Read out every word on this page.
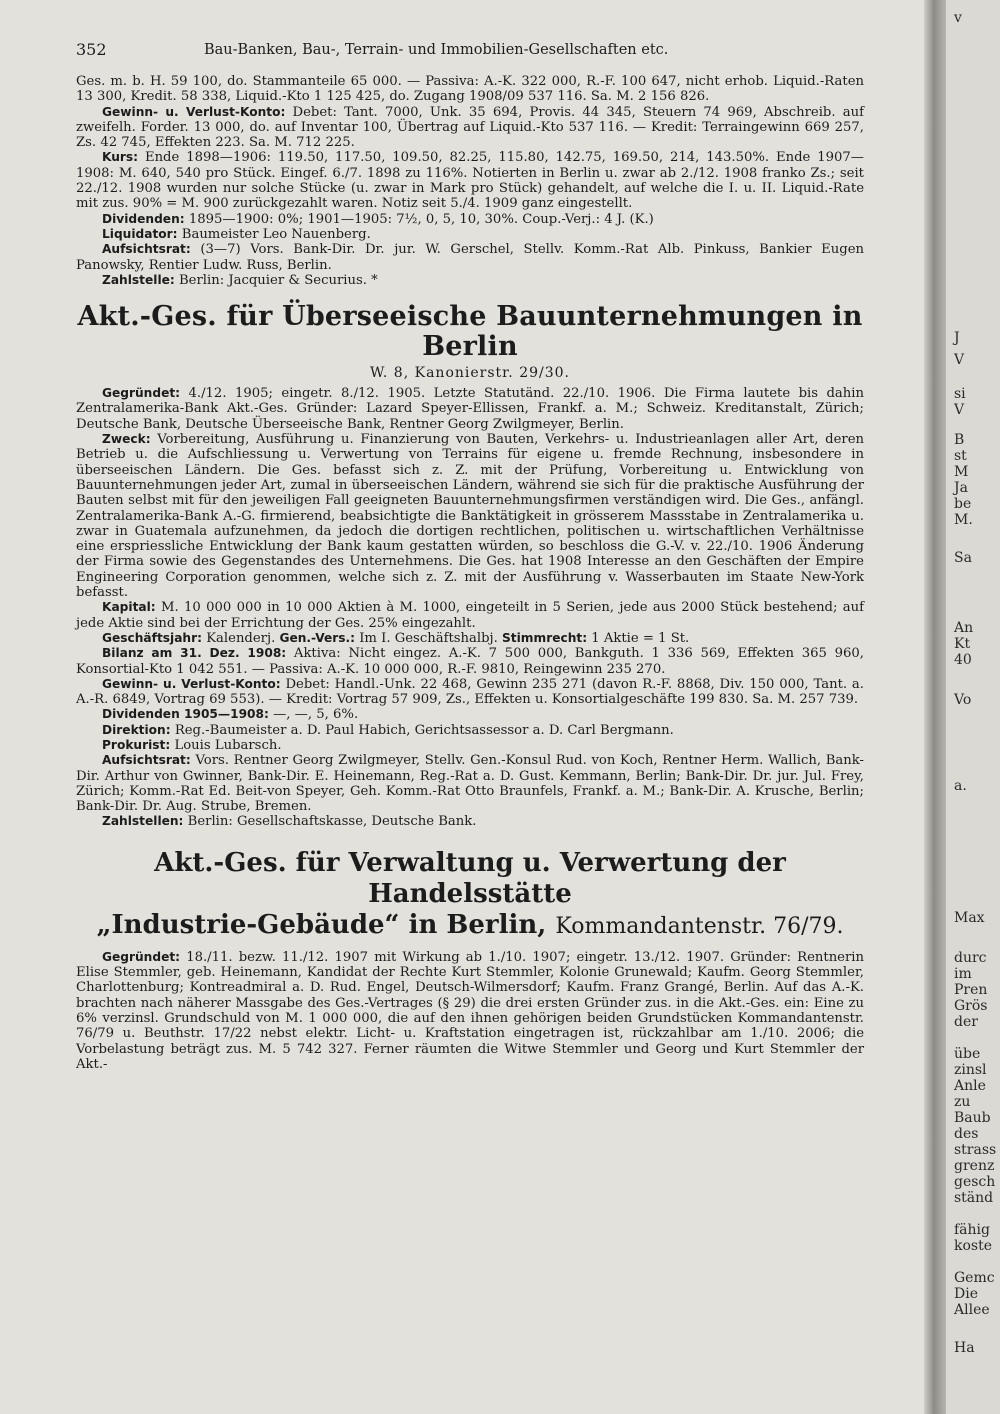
352	Bau-Banken, Bau-, Terrain- und Immobilien-Gesellschaften etc.

Ges. m. b. H. 59 100, do. Stammanteile 65 000. — Passiva: A.-K. 322 000, R.-F. 100 647, nicht erhob. Liquid.-Raten 13 300, Kredit. 58 338, Liquid.-Kto 1 125 425, do. Zugang 1908/09 537 116. Sa. M. 2 156 826.

Gewinn- u. Verlust-Konto: Debet: Tant. 7000, Unk. 35 694, Provis. 44 345, Steuern 74 969, Abschreib. auf zweifelh. Forder. 13 000, do. auf Inventar 100, Übertrag auf Liquid.-Kto 537 116. — Kredit: Terraingewinn 669 257, Zs. 42 745, Effekten 223. Sa. M. 712 225.

Kurs: Ende 1898—1906: 119.50, 117.50, 109.50, 82.25, 115.80, 142.75, 169.50, 214, 143.50%. Ende 1907—1908: M. 640, 540 pro Stück. Eingef. 6./7. 1898 zu 116%. Notierten in Berlin u. zwar ab 2./12. 1908 franko Zs.; seit 22./12. 1908 wurden nur solche Stücke (u. zwar in Mark pro Stück) gehandelt, auf welche die I. u. II. Liquid.-Rate mit zus. 90% = M. 900 zurückgezahlt waren. Notiz seit 5./4. 1909 ganz eingestellt.

Dividenden: 1895—1900: 0%; 1901—1905: 7½, 0, 5, 10, 30%. Coup.-Verj.: 4 J. (K.)

Liquidator: Baumeister Leo Nauenberg.

Aufsichtsrat: (3—7) Vors. Bank-Dir. Dr. jur. W. Gerschel, Stellv. Komm.-Rat Alb. Pinkuss, Bankier Eugen Panowsky, Rentier Ludw. Russ, Berlin.

Zahlstelle: Berlin: Jacquier & Securius. *

Akt.-Ges. für Überseeische Bauunternehmungen in Berlin
W. 8, Kanonierstr. 29/30.

Gegründet: 4./12. 1905; eingetr. 8./12. 1905. Letzte Statutänd. 22./10. 1906. Die Firma lautete bis dahin Zentralamerika-Bank Akt.-Ges. Gründer: Lazard Speyer-Ellissen, Frankf. a. M.; Schweiz. Kreditanstalt, Zürich; Deutsche Bank, Deutsche Überseeische Bank, Rentner Georg Zwilgmeyer, Berlin.

Zweck: Vorbereitung, Ausführung u. Finanzierung von Bauten, Verkehrs- u. Industrieanlagen aller Art, deren Betrieb u. die Aufschliessung u. Verwertung von Terrains für eigene u. fremde Rechnung, insbesondere in überseeischen Ländern. Die Ges. befasst sich z. Z. mit der Prüfung, Vorbereitung u. Entwicklung von Bauunternehmungen jeder Art, zumal in überseeischen Ländern, während sie sich für die praktische Ausführung der Bauten selbst mit für den jeweiligen Fall geeigneten Bauunternehmungsfirmen verständigen wird. Die Ges., anfängl. Zentralamerika-Bank A.-G. firmierend, beabsichtigte die Banktätigkeit in grösserem Massstabe in Zentralamerika u. zwar in Guatemala aufzunehmen, da jedoch die dortigen rechtlichen, politischen u. wirtschaftlichen Verhältnisse eine erspriessliche Entwicklung der Bank kaum gestatten würden, so beschloss die G.-V. v. 22./10. 1906 Änderung der Firma sowie des Gegenstandes des Unternehmens. Die Ges. hat 1908 Interesse an den Geschäften der Empire Engineering Corporation genommen, welche sich z. Z. mit der Ausführung v. Wasserbauten im Staate New-York befasst.

Kapital: M. 10 000 000 in 10 000 Aktien à M. 1000, eingeteilt in 5 Serien, jede aus 2000 Stück bestehend; auf jede Aktie sind bei der Errichtung der Ges. 25% eingezahlt.

Geschäftsjahr: Kalenderj. Gen.-Vers.: Im I. Geschäftshalbj. Stimmrecht: 1 Aktie = 1 St.

Bilanz am 31. Dez. 1908: Aktiva: Nicht eingez. A.-K. 7 500 000, Bankguth. 1 336 569, Effekten 365 960, Konsortial-Kto 1 042 551. — Passiva: A.-K. 10 000 000, R.-F. 9810, Reingewinn 235 270.

Gewinn- u. Verlust-Konto: Debet: Handl.-Unk. 22 468, Gewinn 235 271 (davon R.-F. 8868, Div. 150 000, Tant. a. A.-R. 6849, Vortrag 69 553). — Kredit: Vortrag 57 909, Zs., Effekten u. Konsortialgeschäfte 199 830. Sa. M. 257 739.

Dividenden 1905—1908: —, —, 5, 6%.

Direktion: Reg.-Baumeister a. D. Paul Habich, Gerichtsassessor a. D. Carl Bergmann.

Prokurist: Louis Lubarsch.

Aufsichtsrat: Vors. Rentner Georg Zwilgmeyer, Stellv. Gen.-Konsul Rud. von Koch, Rentner Herm. Wallich, Bank-Dir. Arthur von Gwinner, Bank-Dir. E. Heinemann, Reg.-Rat a. D. Gust. Kemmann, Berlin; Bank-Dir. Dr. jur. Jul. Frey, Zürich; Komm.-Rat Ed. Beit-von Speyer, Geh. Komm.-Rat Otto Braunfels, Frankf. a. M.; Bank-Dir. A. Krusche, Berlin; Bank-Dir. Dr. Aug. Strube, Bremen.

Zahlstellen: Berlin: Gesellschaftskasse, Deutsche Bank.

Akt.-Ges. für Verwaltung u. Verwertung der Handelsstätte
„Industrie-Gebäude“ in Berlin, Kommandantenstr. 76/79.

Gegründet: 18./11. bezw. 11./12. 1907 mit Wirkung ab 1./10. 1907; eingetr. 13./12. 1907. Gründer: Rentnerin Elise Stemmler, geb. Heinemann, Kandidat der Rechte Kurt Stemmler, Kolonie Grunewald; Kaufm. Georg Stemmler, Charlottenburg; Kontreadmiral a. D. Rud. Engel, Deutsch-Wilmersdorf; Kaufm. Franz Grangé, Berlin. Auf das A.-K. brachten nach näherer Massgabe des Ges.-Vertrages (§ 29) die drei ersten Gründer zus. in die Akt.-Ges. ein: Eine zu 6% verzinsl. Grundschuld von M. 1 000 000, die auf den ihnen gehörigen beiden Grundstücken Kommandantenstr. 76/79 u. Beuthstr. 17/22 nebst elektr. Licht- u. Kraftstation eingetragen ist, rückzahlbar am 1./10. 2006; die Vorbelastung beträgt zus. M. 5 742 327. Ferner räumten die Witwe Stemmler und Georg und Kurt Stemmler der Akt.-

v
J
V
si
V
B
st
M
Ja
be
M.
Sa
An
Kt
40
Vo
a.
Max
durc
im
Pren
Grös
der
übe
zinsl
Anle
zu
Baub
des
strass
grenz
gesch
ständ
fähig
koste
Gemc
Die
Allee
Ha
